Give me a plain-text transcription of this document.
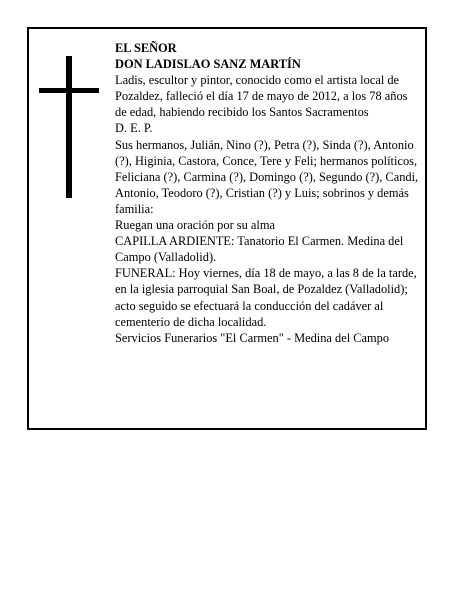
EL SEÑOR

DON LADISLAO SANZ MARTÍN

Ladis, escultor y pintor, conocido como el artista local de Pozaldez, falleció el día 17 de mayo de 2012, a los 78 años de edad, habiendo recibido los Santos Sacramentos

D. E. P.

Sus hermanos, Julián, Nino (?), Petra (?), Sinda (?), Antonio (?), Higinia, Castora, Conce, Tere y Feli; hermanos políticos, Feliciana (?), Carmina (?), Domingo (?), Segundo (?), Candi, Antonio, Teodoro (?), Cristian (?) y Luis; sobrinos y demás familia:

Ruegan una oración por su alma

CAPILLA ARDIENTE: Tanatorio El Carmen. Medina del Campo (Valladolid).

FUNERAL: Hoy viernes, día 18 de mayo, a las 8 de la tarde, en la iglesia parroquial San Boal, de Pozaldez (Valladolid); acto seguido se efectuará la conducción del cadáver al cementerio de dicha localidad.

Servicios Funerarios "El Carmen" - Medina del Campo
